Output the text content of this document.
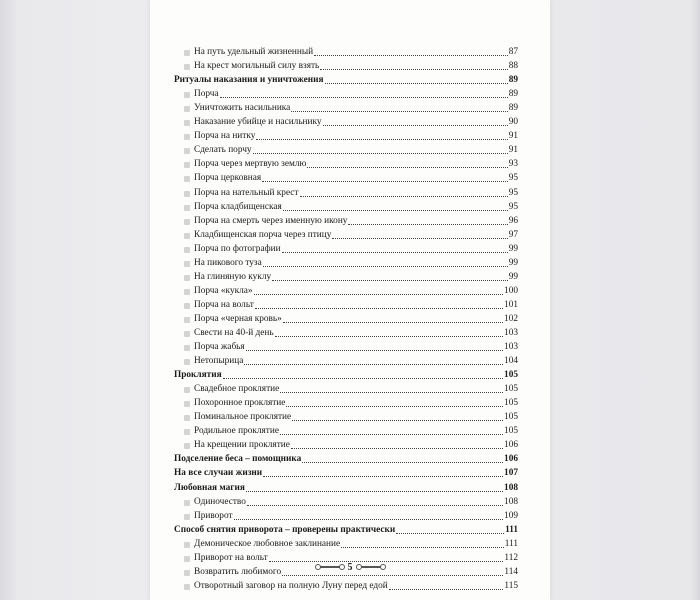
На путь удельный жизненный	87
На крест могильный силу взять	88
Ритуалы наказания и уничтожения	89
Порча	89
Уничтожить насильника	89
Наказание убийце и насильнику	90
Порча на нитку	91
Сделать порчу	91
Порча через мертвую землю	93
Порча церковная	95
Порча на нательный крест	95
Порча кладбищенская	95
Порча на смерть через именную икону	96
Кладбищенская порча через птицу	97
Порча по фотографии	99
На пикового туза	99
На глиняную куклу	99
Порча «кукла»	100
Порча на вольт	101
Порча «черная кровь»	102
Свести на 40-й день	103
Порча жабья	103
Нетопырица	104
Проклятия	105
Свадебное проклятие	105
Похоронное проклятие	105
Поминальное проклятие	105
Родильное проклятие	105
На крещении проклятие	106
Подселение беса – помощника	106
На все случаи жизни	107
Любовная магия	108
Одиночество	108
Приворот	109
Способ снятия приворота – проверены практически	111
Демоническое любовное заклинание	111
Приворот на вольт	112
Возвратить любимого	114
Отворотный заговор на полную Луну перед едой	115
5
